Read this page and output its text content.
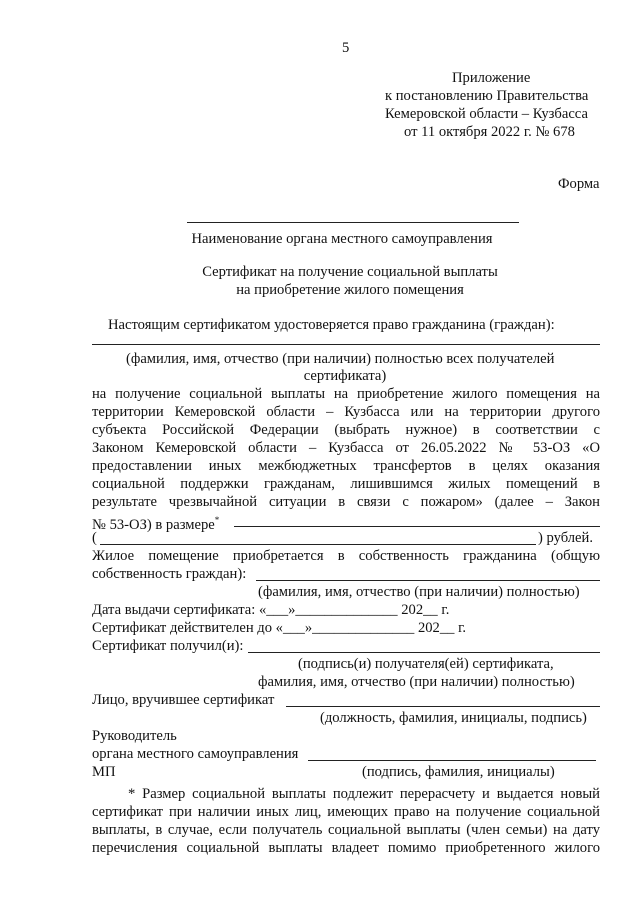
5
Приложение
к постановлению Правительства
Кемеровской области – Кузбасса
от 11 октября 2022 г. № 678
Форма
Наименование органа местного самоуправления
Сертификат на получение социальной выплаты
на приобретение жилого помещения
Настоящим сертификатом удостоверяется право гражданина (граждан):
(фамилия, имя, отчество (при наличии) полностью всех получателей
сертификата)
на получение социальной выплаты на приобретение жилого помещения на
территории Кемеровской области – Кузбасса или на территории другого
субъекта Российской Федерации (выбрать нужное) в соответствии с
Законом Кемеровской области – Кузбасса от 26.05.2022 № 53-ОЗ «О
предоставлении иных межбюджетных трансфертов в целях оказания
социальной поддержки гражданам, лишившимся жилых помещений в
результате чрезвычайной ситуации в связи с пожаром» (далее – Закон
№ 53-ОЗ) в размере*
(	) рублей.
Жилое помещение приобретается в собственность гражданина (общую
собственность граждан):
(фамилия, имя, отчество (при наличии) полностью)
Дата выдачи сертификата: «___»______________ 202__ г.
Сертификат действителен до «___»______________ 202__ г.
Сертификат получил(и):
(подпись(и) получателя(ей) сертификата,
фамилия, имя, отчество (при наличии) полностью)
Лицо, вручившее сертификат
(должность, фамилия, инициалы, подпись)
Руководитель
органа местного самоуправления
МП	(подпись, фамилия, инициалы)
* Размер социальной выплаты подлежит перерасчету и выдается новый
сертификат при наличии иных лиц, имеющих право на получение социальной
выплаты, в случае, если получатель социальной выплаты (член семьи) на дату
перечисления социальной выплаты владеет помимо приобретенного жилого
